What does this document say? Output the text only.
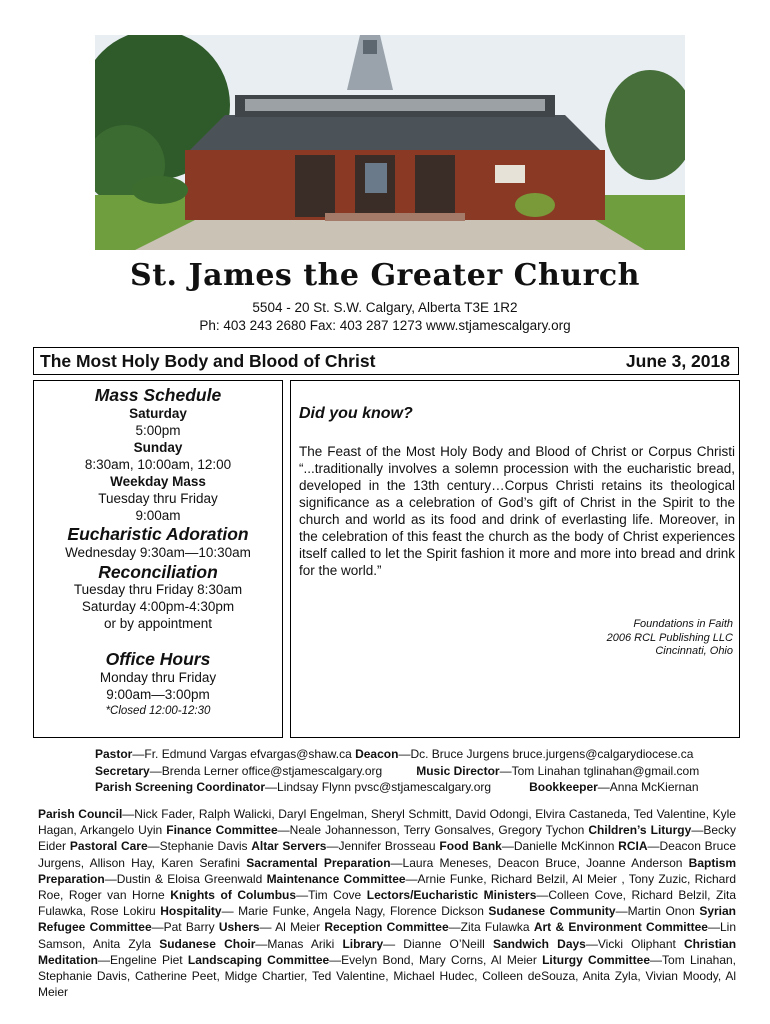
St. James the Greater Church
5504 - 20 St. S.W. Calgary, Alberta T3E 1R2
Ph: 403 243 2680 Fax: 403 287 1273 www.stjamescalgary.org
The Most Holy Body and Blood of Christ	June 3, 2018
Mass Schedule
Saturday
5:00pm
Sunday
8:30am, 10:00am, 12:00
Weekday Mass
Tuesday thru Friday
9:00am
Eucharistic Adoration
Wednesday 9:30am—10:30am
Reconciliation
Tuesday thru Friday 8:30am
Saturday 4:00pm-4:30pm
or by appointment
Office Hours
Monday thru Friday
9:00am—3:00pm
*Closed 12:00-12:30
Did you know?
The Feast of the Most Holy Body and Blood of Christ or Corpus Christi “...traditionally involves a solemn procession with the eucharistic bread, developed in the 13th century…Corpus Christi retains its theological significance as a celebration of God’s gift of Christ in the Spirit to the church and world as its food and drink of everlasting life. Moreover, in the celebration of this feast the church as the body of Christ experiences itself called to let the Spirit fashion it more and more into bread and drink for the world.”
Foundations in Faith
2006 RCL Publishing LLC
Cincinnati, Ohio
Pastor—Fr. Edmund Vargas efvargas@shaw.ca Deacon—Dc. Bruce Jurgens bruce.jurgens@calgarydiocese.ca
Secretary—Brenda Lerner office@stjamescalgary.org	Music Director—Tom Linahan tglinahan@gmail.com
Parish Screening Coordinator—Lindsay Flynn pvsc@stjamescalgary.org	Bookkeeper—Anna McKiernan
Parish Council—Nick Fader, Ralph Walicki, Daryl Engelman, Sheryl Schmitt, David Odongi, Elvira Castaneda, Ted Valentine, Kyle Hagan, Arkangelo Uyin Finance Committee—Neale Johannesson, Terry Gonsalves, Gregory Tychon Children’s Liturgy—Becky Eider Pastoral Care—Stephanie Davis Altar Servers—Jennifer Brosseau Food Bank—Danielle McKinnon RCIA—Deacon Bruce Jurgens, Allison Hay, Karen Serafini Sacramental Preparation—Laura Meneses, Deacon Bruce, Joanne Anderson Baptism Preparation—Dustin & Eloisa Greenwald Maintenance Committee—Arnie Funke, Richard Belzil, Al Meier , Tony Zuzic, Richard Roe, Roger van Horne Knights of Columbus—Tim Cove Lectors/Eucharistic Ministers—Colleen Cove, Richard Belzil, Zita Fulawka, Rose Lokiru Hospitality— Marie Funke, Angela Nagy, Florence Dickson Sudanese Community—Martin Onon Syrian Refugee Committee—Pat Barry Ushers— Al Meier Reception Committee—Zita Fulawka Art & Environment Committee—Lin Samson, Anita Zyla Sudanese Choir—Manas Ariki Library— Dianne O’Neill Sandwich Days—Vicki Oliphant Christian Meditation—Engeline Piet Landscaping Committee—Evelyn Bond, Mary Corns, Al Meier Liturgy Committee—Tom Linahan, Stephanie Davis, Catherine Peet, Midge Chartier, Ted Valentine, Michael Hudec, Colleen deSouza, Anita Zyla, Vivian Moody, Al Meier
